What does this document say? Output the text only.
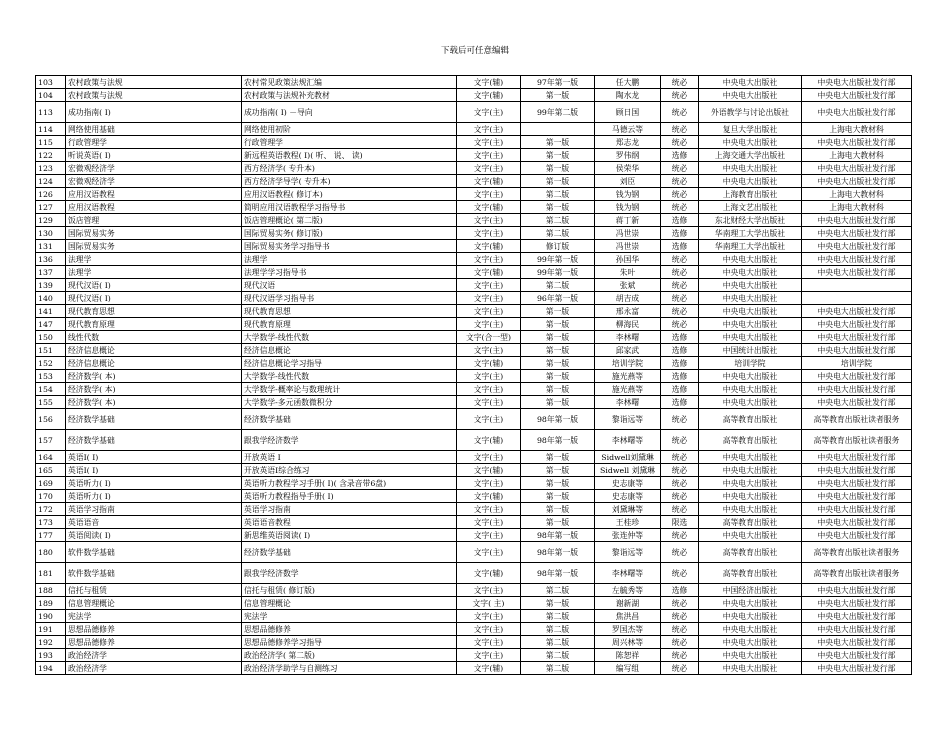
下载后可任意编辑
103	农村政策与法规	农村常见政策法规汇编	文字(辅)	97年第一版	任大鹏	统必	中央电大出版社	中央电大出版社发行部
104	农村政策与法规	农村政策与法规补充教材	文字(辅)	第一版	陶水龙	统必	中央电大出版社	中央电大出版社发行部
113	成功指南( I)	成功指南( I) －导向	文字(主)	99年第二版	顾日国	统必	外语教学与讨论出版社	中央电大出版社发行部
114	网络使用基础	网络使用初阶	文字(主)		马德云等	统必	复旦大学出版社	上海电大教材科
115	行政管理学	行政管理学	文字(主)	第一版	郑志龙	统必	中央电大出版社	中央电大出版社发行部
122	听说英语( I)	新远程英语教程( I)( 听、 说、 读)	文字(主)	第一版	罗伟纲	选修	上海交通大学出版社	上海电大教材科
123	宏微观经济学	西方经济学( 专升本)	文字(主)	第一版	侯荣华	统必	中央电大出版社	中央电大出版社发行部
124	宏微观经济学	西方经济学导学( 专升本)	文字(辅)	第一版	刘臣	统必	中央电大出版社	中央电大出版社发行部
126	应用汉语教程	应用汉语教程( 修订本)	文字(主)	第二版	钱为钢	统必	上海教育出版社	上海电大教材科
127	应用汉语教程	简明应用汉语教程学习指导书	文字(辅)	第一版	钱为钢	统必	上海文艺出版社	上海电大教材科
129	饭店管理	饭店管理概论( 第二版)	文字(主)	第二版	蒋丁新	选修	东北财经大学出版社	中央电大出版社发行部
130	国际贸易实务	国际贸易实务( 修订版)	文字(主)	第二版	冯世崇	选修	华南理工大学出版社	中央电大出版社发行部
131	国际贸易实务	国际贸易实务学习指导书	文字(辅)	修订版	冯世崇	选修	华南理工大学出版社	中央电大出版社发行部
136	法理学	法理学	文字(主)	99年第一版	孙国华	统必	中央电大出版社	中央电大出版社发行部
137	法理学	法理学学习指导书	文字(辅)	99年第一版	朱叶	统必	中央电大出版社	中央电大出版社发行部
139	现代汉语( I)	现代汉语	文字(主)	第二版	张斌	统必	中央电大出版社	
140	现代汉语( I)	现代汉语学习指导书	文字(主)	96年第一版	胡吉成	统必	中央电大出版社	
141	现代教育思想	现代教育思想	文字(主)	第一版	邢永富	统必	中央电大出版社	中央电大出版社发行部
147	现代教育原理	现代教育原理	文字(主)	第一版	柳海民	统必	中央电大出版社	中央电大出版社发行部
150	线性代数	大学数学-线性代数	文字(合一型)	第一版	李林曙	选修	中央电大出版社	中央电大出版社发行部
151	经济信息概论	经济信息概论	文字(主)	第一版	邱家武	选修	中国统计出版社	中央电大出版社发行部
152	经济信息概论	经济信息概论学习指导	文字(辅)	第一版	培训学院	选修	培训学院	培训学院
153	经济数学( 本)	大学数学-线性代数	文字(主)	第一版	施光燕等	选修	中央电大出版社	中央电大出版社发行部
154	经济数学( 本)	大学数学-概率论与数理统计	文字(主)	第一版	施光燕等	选修	中央电大出版社	中央电大出版社发行部
155	经济数学( 本)	大学数学-多元函数微积分	文字(主)	第一版	李林曙	选修	中央电大出版社	中央电大出版社发行部
156	经济数学基础	经济数学基础	文字(主)	98年第一版	黎诣远等	统必	高等教育出版社	高等教育出版社读者服务
157	经济数学基础	跟我学经济数学	文字(辅)	98年第一版	李林曙等	统必	高等教育出版社	高等教育出版社读者服务
164	英语I( I)	开放英语 I	文字(主)	第一版	Sidwell刘黛琳	统必	中央电大出版社	中央电大出版社发行部
165	英语I( I)	开放英语I综合练习	文字(辅)	第一版	Sidwell 刘黛琳	统必	中央电大出版社	中央电大出版社发行部
169	英语听力( I)	英语听力教程学习手册( I)( 含录音带6盘)	文字(主)	第一版	史志康等	统必	中央电大出版社	中央电大出版社发行部
170	英语听力( I)	英语听力教程指导手册( I)	文字(辅)	第一版	史志康等	统必	中央电大出版社	中央电大出版社发行部
172	英语学习指南	英语学习指南	文字(主)	第一版	刘黛琳等	统必	中央电大出版社	中央电大出版社发行部
173	英语语音	英语语音教程	文字(主)	第一版	王桂珍	限选	高等教育出版社	中央电大出版社发行部
177	英语阅读( I)	新思维英语阅读( I)	文字(主)	98年第一版	张连仲等	统必	中央电大出版社	中央电大出版社发行部
180	软件数学基础	经济数学基础	文字(主)	98年第一版	黎诣远等	统必	高等教育出版社	高等教育出版社读者服务
181	软件数学基础	跟我学经济数学	文字(辅)	98年第一版	李林曙等	统必	高等教育出版社	高等教育出版社读者服务
188	信托与租赁	信托与租赁( 修订版)	文字(主)	第二版	左毓秀等	选修	中国经济出版社	中央电大出版社发行部
189	信息管理概论	信息管理概论	文字( 主)	第一版	谢新湖	统必	中央电大出版社	中央电大出版社发行部
190	宪法学	宪法学	文字(主)	第二版	焦洪昌	统必	中央电大出版社	中央电大出版社发行部
191	思想品德修养	思想品德修养	文字(主)	第二版	罗国杰等	统必	中央电大出版社	中央电大出版社发行部
192	思想品德修养	思想品德修养学习指导	文字(主)	第二版	周兴林等	统必	中央电大出版社	中央电大出版社发行部
193	政治经济学	政治经济学( 第二版)	文字(主)	第二版	陈恕祥	统必	中央电大出版社	中央电大出版社发行部
194	政治经济学	政治经济学助学与自测练习	文字(辅)	第二版	编写组	统必	中央电大出版社	中央电大出版社发行部
